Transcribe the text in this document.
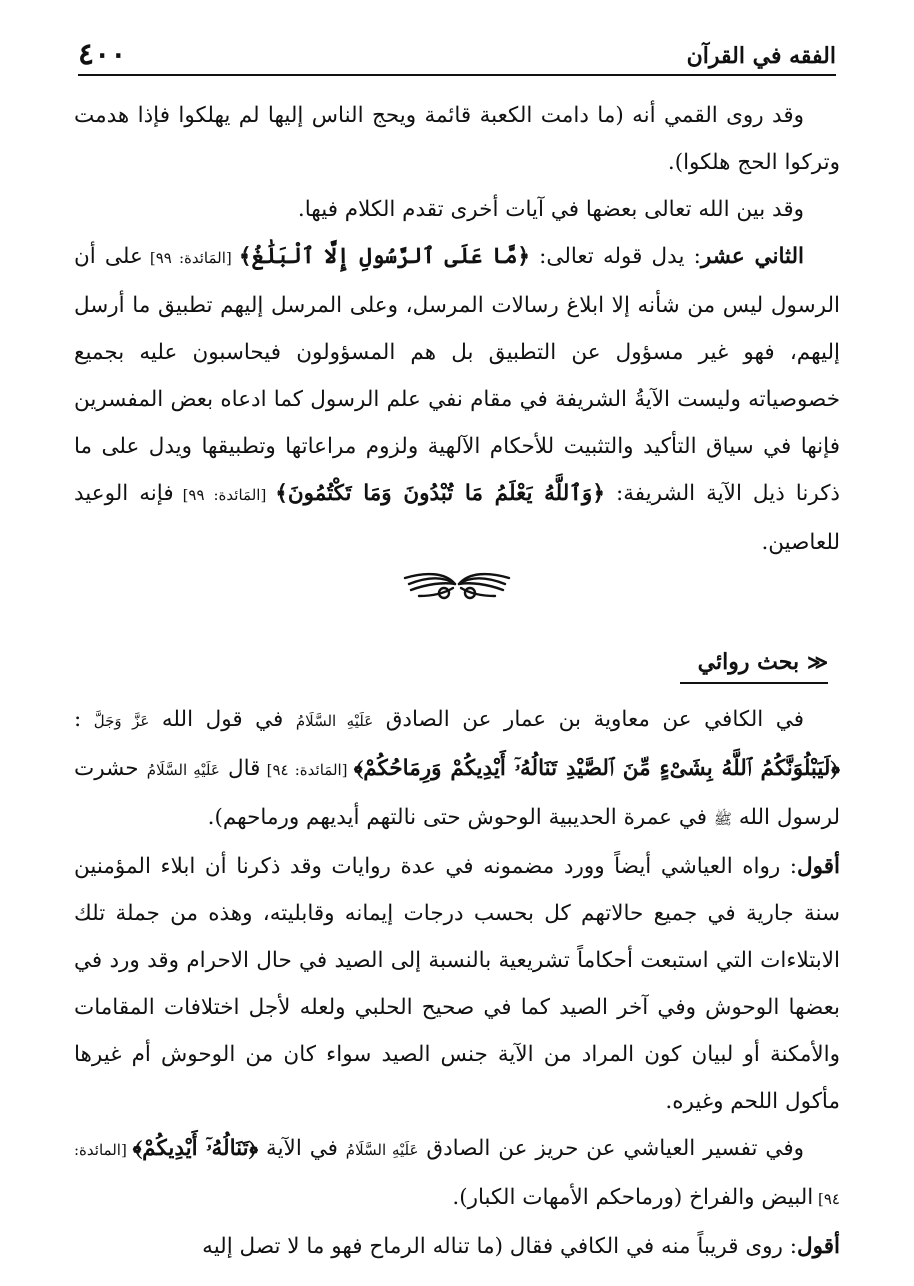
٤٠٠	الفقه في القرآن

وقد روى القمي أنه (ما دامت الكعبة قائمة ويحج الناس إليها لم يهلكوا فإذا هدمت وتركوا الحج هلكوا).

وقد بين الله تعالى بعضها في آيات أخرى تقدم الكلام فيها.

الثاني عشر: يدل قوله تعالى: ﴿مَّا عَلَى ٱلرَّسُولِ إِلَّا ٱلْبَلَٰغُ﴾ [المَائدة: ٩٩] على أن الرسول ليس من شأنه إلا ابلاغ رسالات المرسل، وعلى المرسل إليهم تطبيق ما أرسل إليهم، فهو غير مسؤول عن التطبيق بل هم المسؤولون فيحاسبون عليه بجميع خصوصياته وليست الآيةُ الشريفة في مقام نفي علم الرسول كما ادعاه بعض المفسرين فإنها في سياق التأكيد والتثبيت للأحكام الآلهية ولزوم مراعاتها وتطبيقها ويدل على ما ذكرنا ذيل الآية الشريفة: ﴿وَٱللَّهُ يَعْلَمُ مَا تُبْدُونَ وَمَا تَكْتُمُونَ﴾ [المَائدة: ٩٩] فإنه الوعيد للعاصين.

≪
بحث روائي

في الكافي عن معاوية بن عمار عن الصادق عَلَيْهِ السَّلَامُ في قول الله عَزَّ وَجَلَّ : ﴿لَيَبْلُوَنَّكُمُ ٱللَّهُ بِشَىْءٍ مِّنَ ٱلصَّيْدِ تَنَالُهُۥٓ أَيْدِيكُمْ وَرِمَاحُكُمْ﴾ [المَائدة: ٩٤] قال عَلَيْهِ السَّلَامُ حشرت لرسول الله ﷺ في عمرة الحديبية الوحوش حتى نالتهم أيديهم ورماحهم).

أقول: رواه العياشي أيضاً وورد مضمونه في عدة روايات وقد ذكرنا أن ابلاء المؤمنين سنة جارية في جميع حالاتهم كل بحسب درجات إيمانه وقابليته، وهذه من جملة تلك الابتلاءات التي استبعت أحكاماً تشريعية بالنسبة إلى الصيد في حال الاحرام وقد ورد في بعضها الوحوش وفي آخر الصيد كما في صحيح الحلبي ولعله لأجل اختلافات المقامات والأمكنة أو لبيان كون المراد من الآية جنس الصيد سواء كان من الوحوش أم غيرها مأكول اللحم وغيره.

وفي تفسير العياشي عن حريز عن الصادق عَلَيْهِ السَّلَامُ في الآية ﴿تَنَالُهُۥٓ أَيْدِيكُمْ﴾ [المائدة: ٩٤] البيض والفراخ (ورماحكم الأمهات الكبار).

أقول: روى قريباً منه في الكافي فقال (ما تناله الرماح فهو ما لا تصل إليه
